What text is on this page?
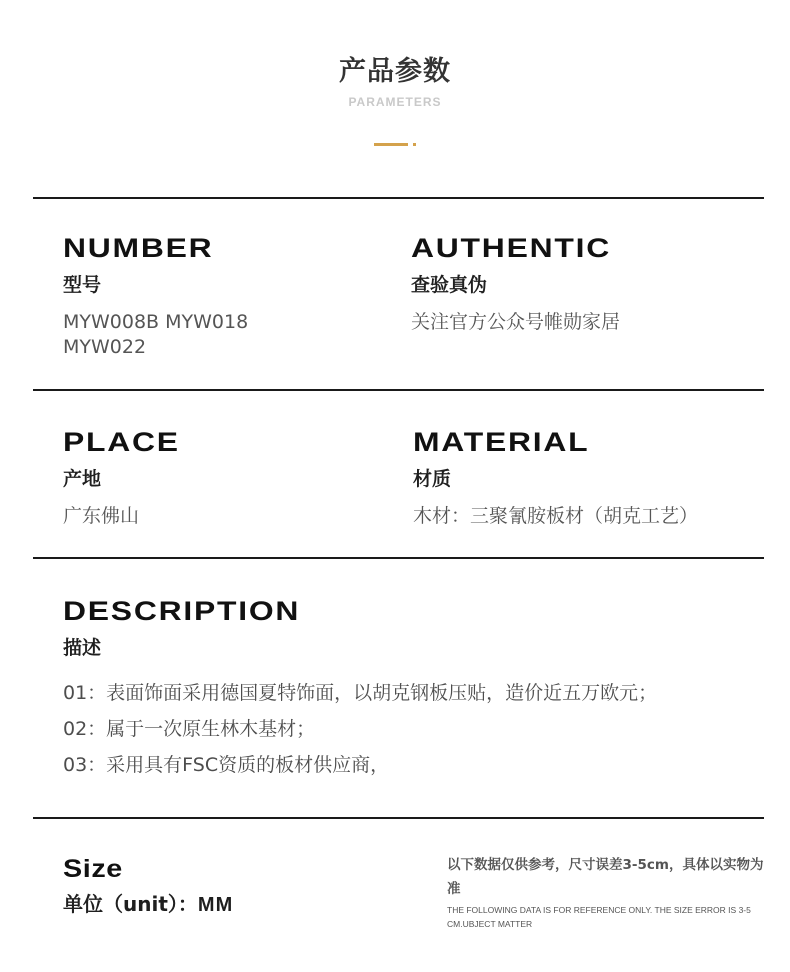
产品参数
PARAMETERS
NUMBER
型号
MYW008B MYW018
MYW022
AUTHENTIC
查验真伪
关注官方公众号帷勋家居
PLACE
产地
广东佛山
MATERIAL
材质
木材：三聚氰胺板材（胡克工艺）
DESCRIPTION
描述
01：表面饰面采用德国夏特饰面，以胡克钢板压贴，造价近五万欧元；
02：属于一次原生林木基材；
03：采用具有FSC资质的板材供应商，
Size
单位（unit）：MM
以下数据仅供参考，尺寸误差3-5cm，具体以实物为准
THE FOLLOWING DATA IS FOR REFERENCE ONLY. THE SIZE ERROR IS 3-5 CM.UBJECT MATTER
